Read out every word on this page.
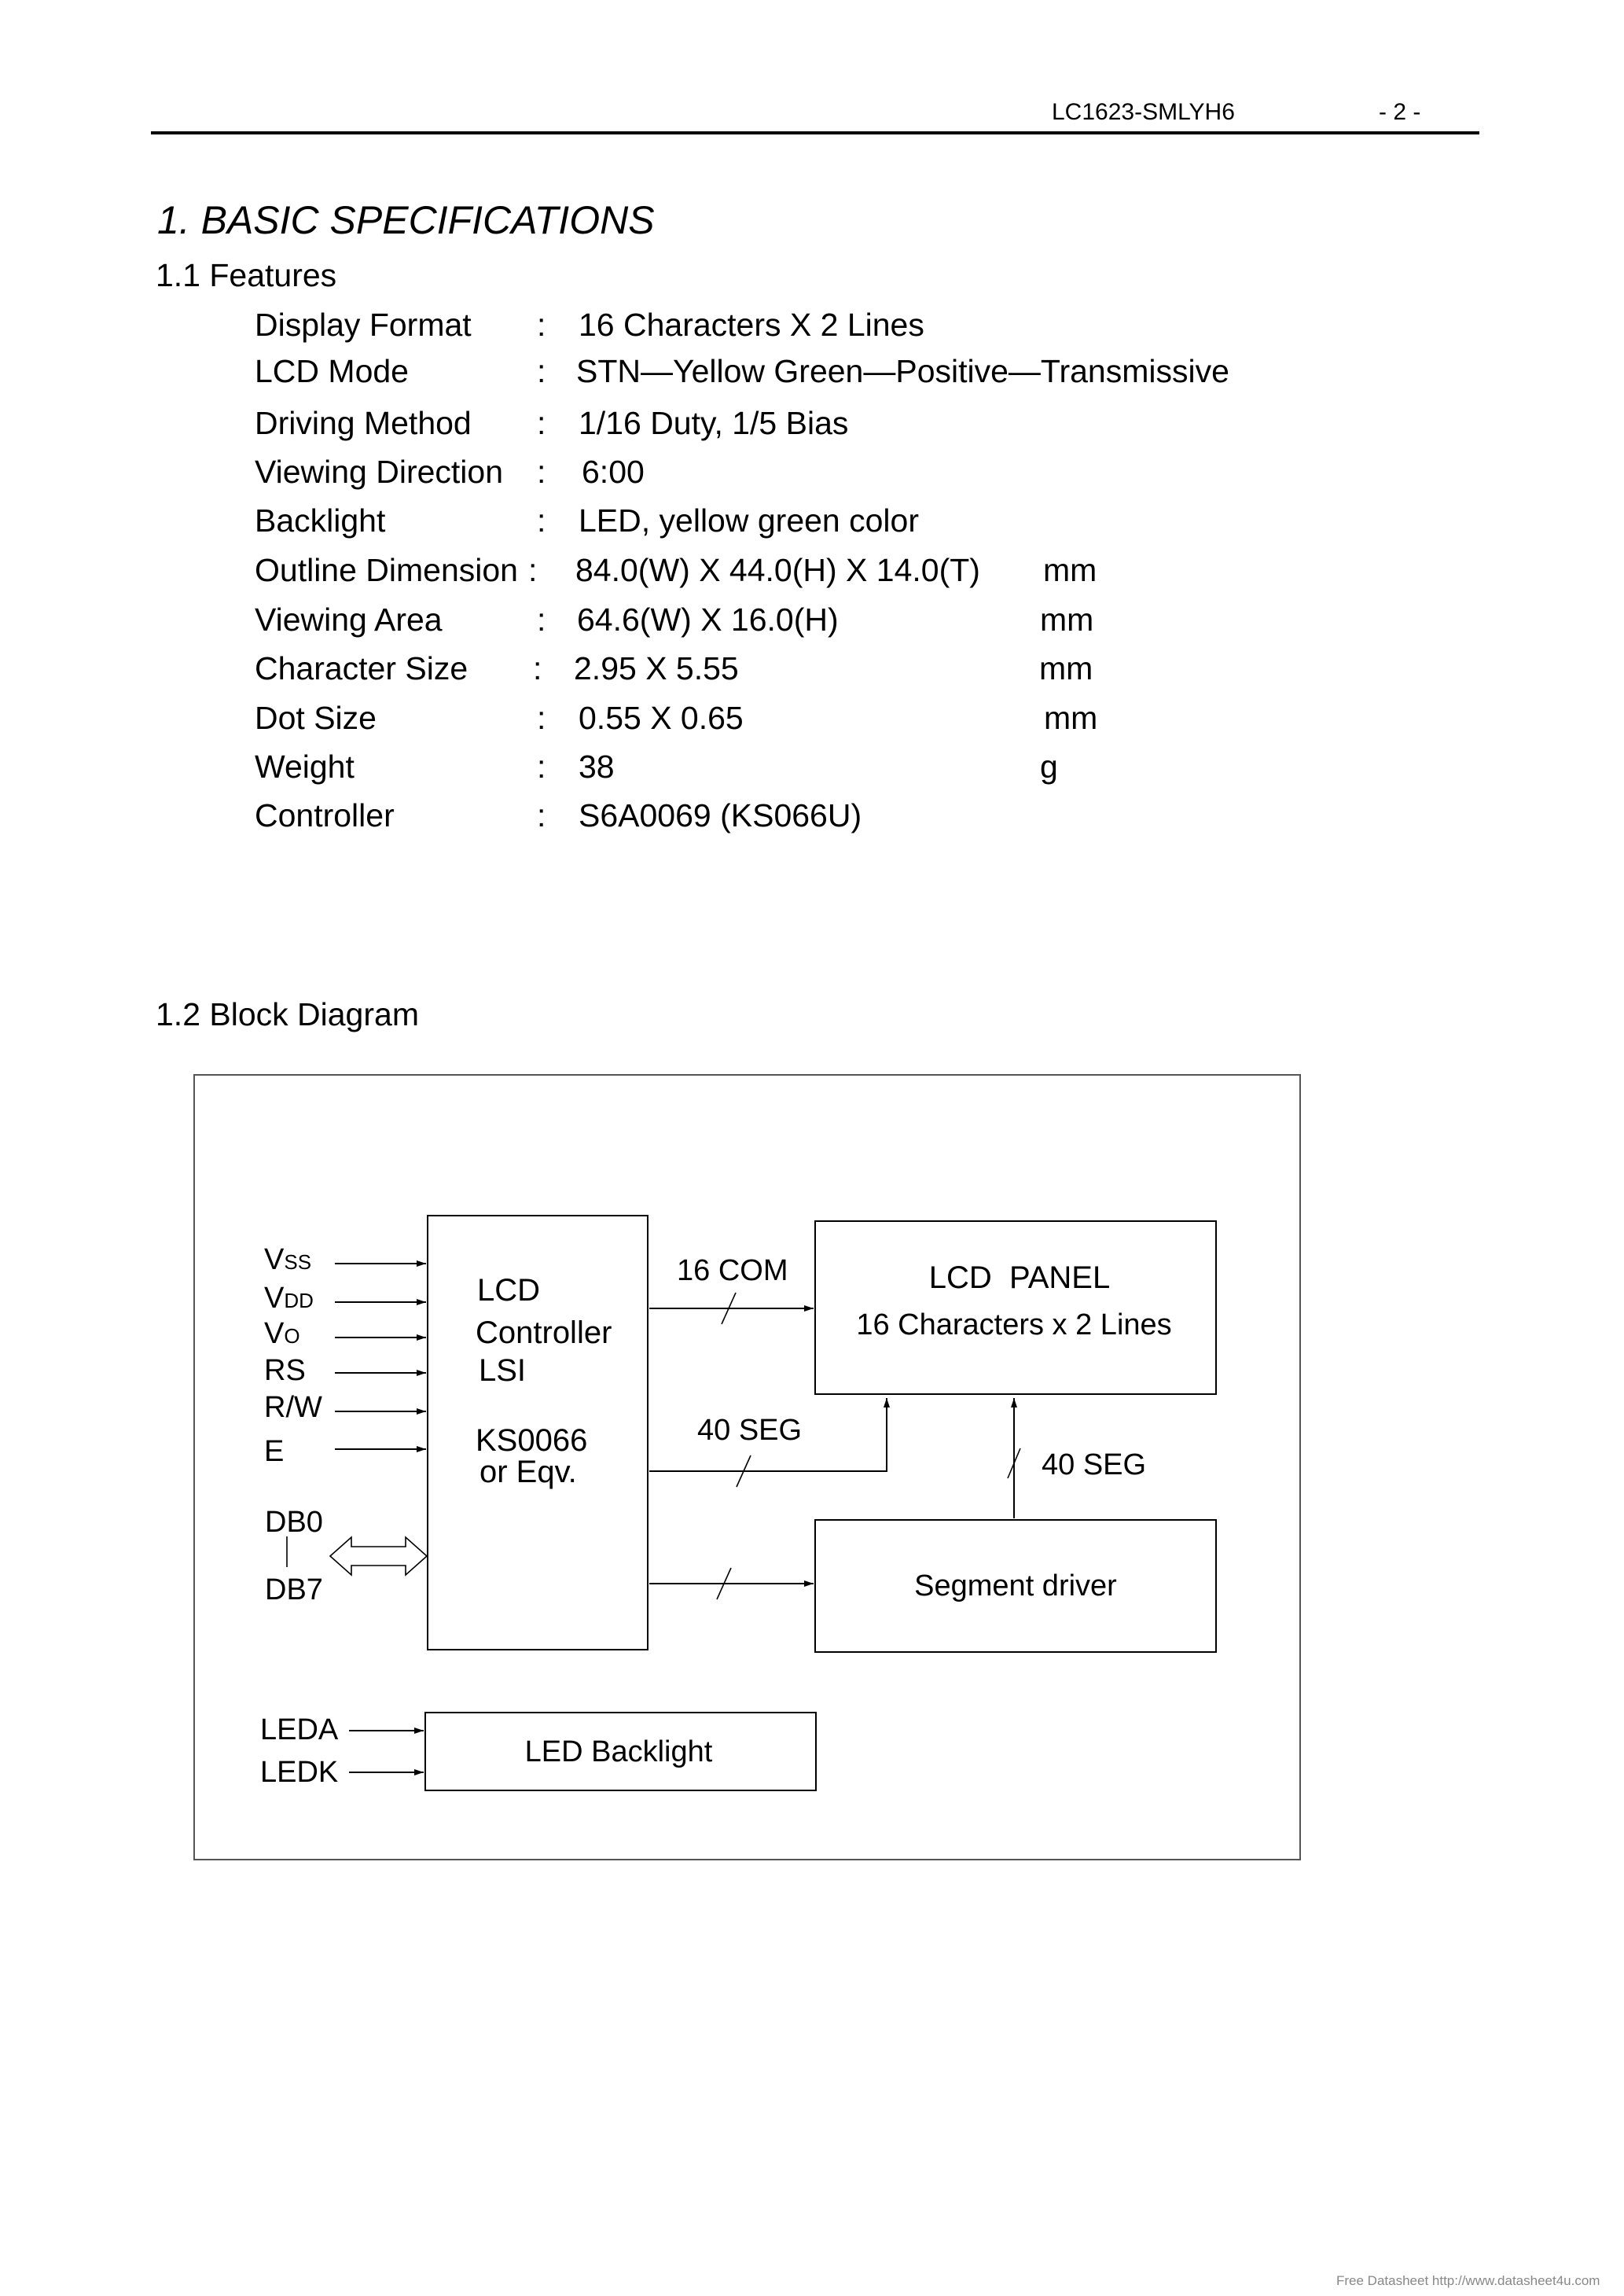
LC1623-SMLYH6	- 2 -
1. BASIC SPECIFICATIONS
1.1 Features
Display Format : 16 Characters X 2 Lines
LCD Mode	: STN—Yellow Green—Positive—Transmissive
Driving Method : 1/16 Duty, 1/5 Bias
Viewing Direction : 6:00
Backlight	: LED, yellow green color
Outline Dimension : 84.0(W) X 44.0(H) X 14.0(T) mm
Viewing Area	: 64.6(W) X 16.0(H)	mm
Character Size : 2.95 X 5.55	mm
Dot Size	: 0.55 X 0.65	mm
Weight	: 38	g
Controller	: S6A0069 (KS066U)
1.2 Block Diagram
VSS
VDD
VO
RS
R/W
E
DB0
DB7
LCD
Controller
LSI
KS0066
or Eqv.
16 COM
40 SEG
40 SEG
LCD  PANEL
16 Characters x 2 Lines
Segment driver
LED Backlight
LEDA
LEDK
Free Datasheet http://www.datasheet4u.com
